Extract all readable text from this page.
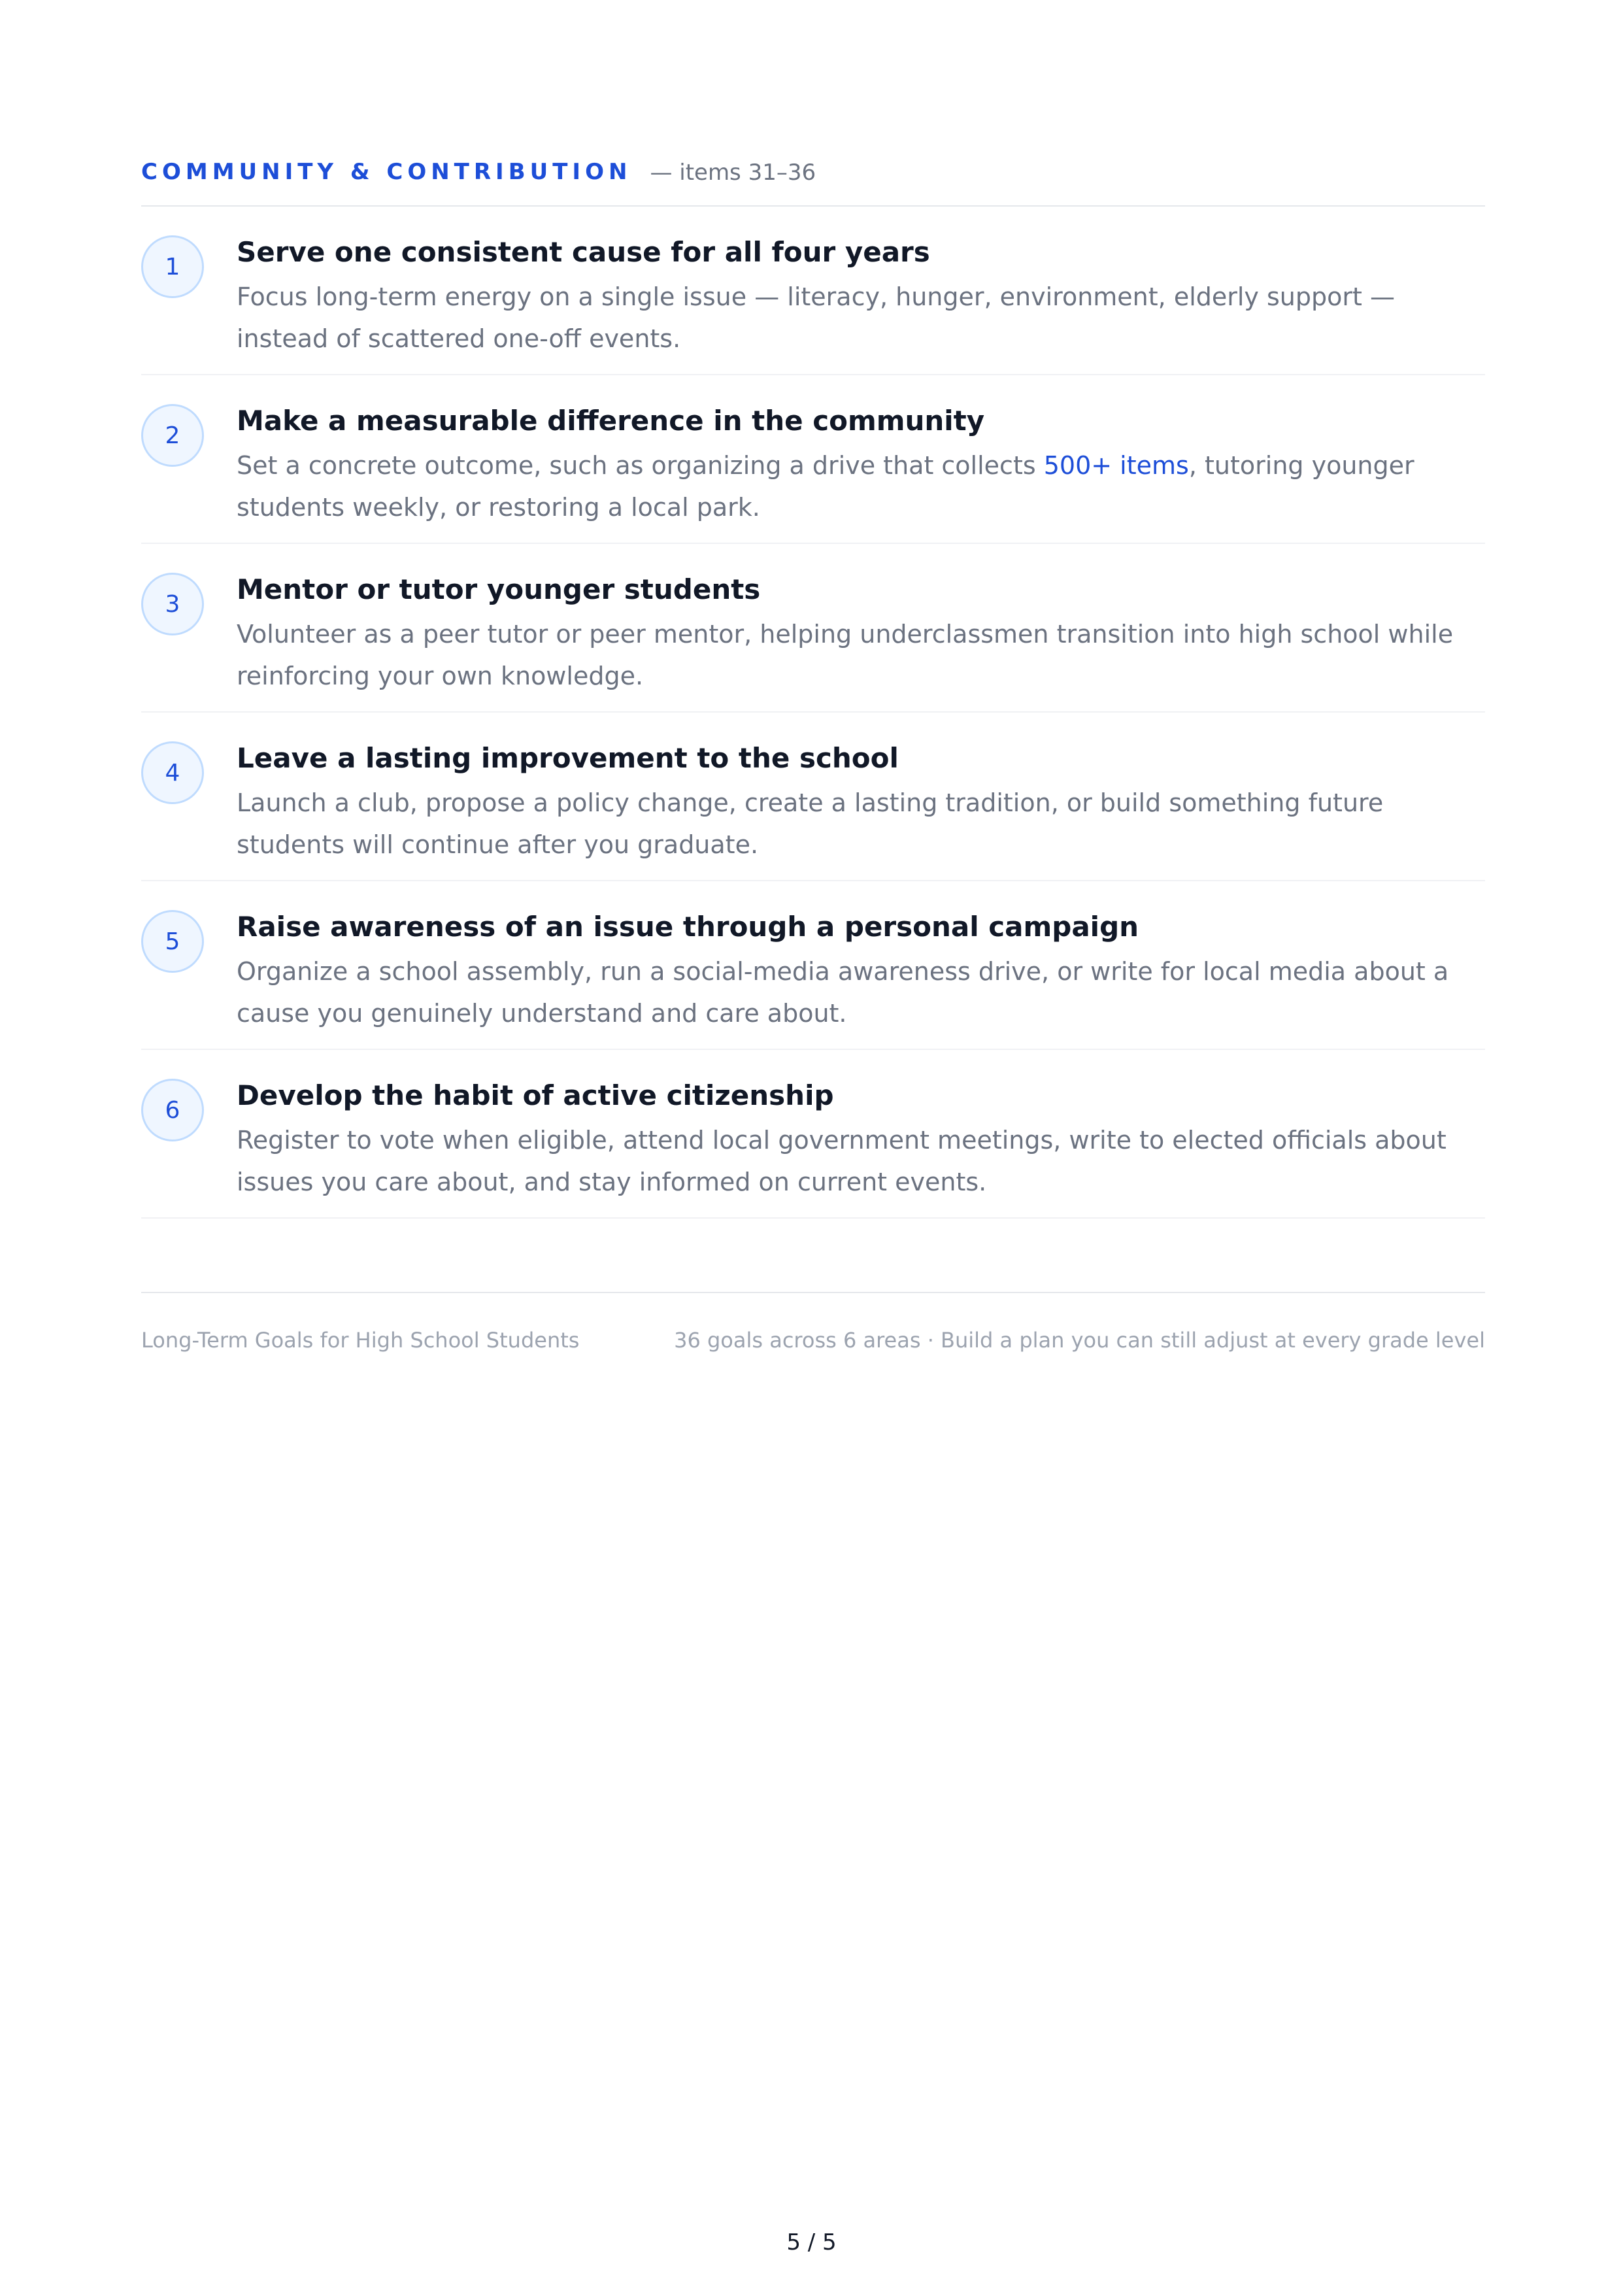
COMMUNITY & CONTRIBUTION — items 31–36
1	Serve one consistent cause for all four years
Focus long-term energy on a single issue — literacy, hunger, environment, elderly support — instead of scattered one-off events.
2	Make a measurable difference in the community
Set a concrete outcome, such as organizing a drive that collects 500+ items, tutoring younger students weekly, or restoring a local park.
3	Mentor or tutor younger students
Volunteer as a peer tutor or peer mentor, helping underclassmen transition into high school while reinforcing your own knowledge.
4	Leave a lasting improvement to the school
Launch a club, propose a policy change, create a lasting tradition, or build something future students will continue after you graduate.
5	Raise awareness of an issue through a personal campaign
Organize a school assembly, run a social-media awareness drive, or write for local media about a cause you genuinely understand and care about.
6	Develop the habit of active citizenship
Register to vote when eligible, attend local government meetings, write to elected officials about issues you care about, and stay informed on current events.
Long-Term Goals for High School Students	36 goals across 6 areas · Build a plan you can still adjust at every grade level
5 / 5
